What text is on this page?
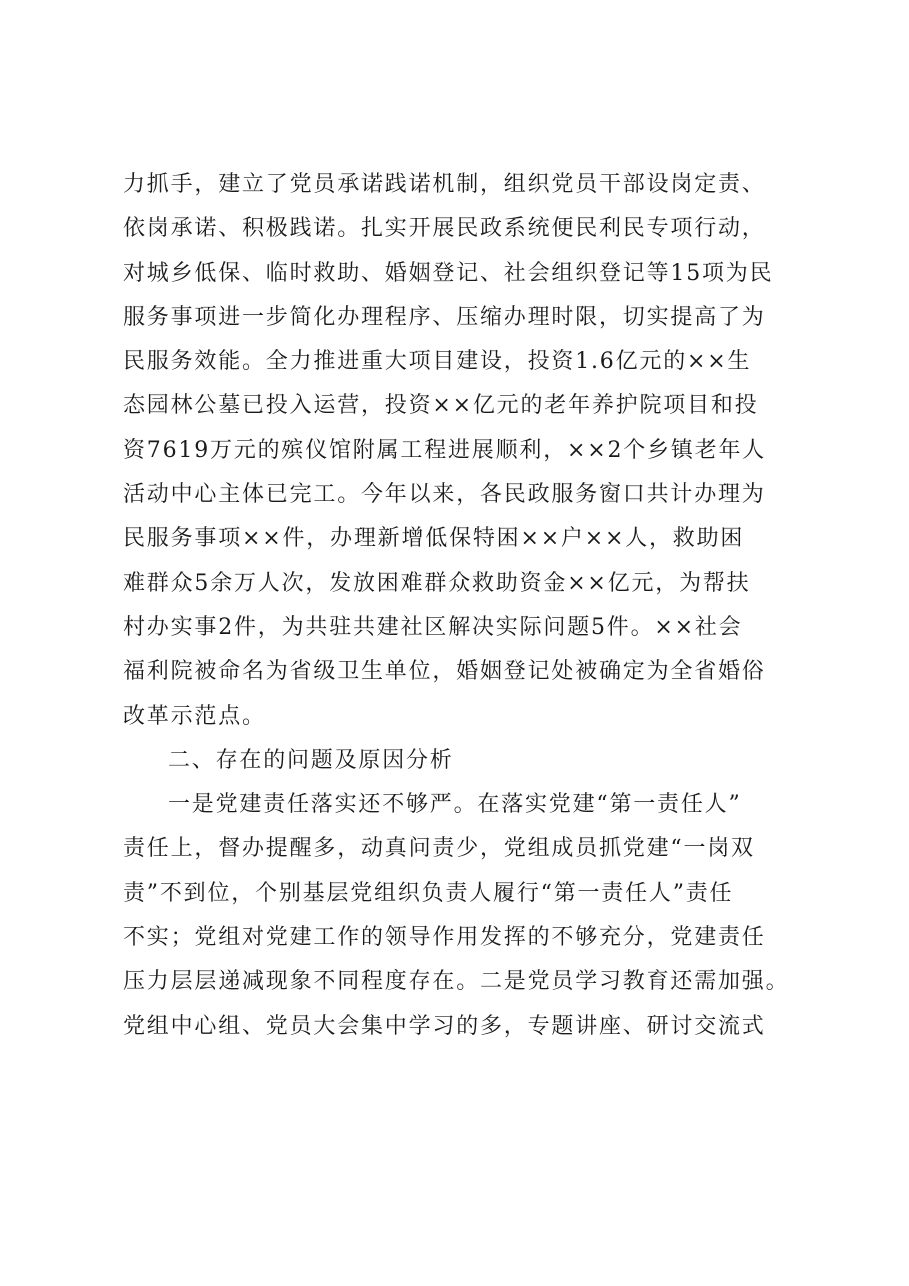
力抓手，建立了党员承诺践诺机制，组织党员干部设岗定责、
依岗承诺、积极践诺。扎实开展民政系统便民利民专项行动，
对城乡低保、临时救助、婚姻登记、社会组织登记等15项为民
服务事项进一步简化办理程序、压缩办理时限，切实提高了为
民服务效能。全力推进重大项目建设，投资1.6亿元的××生
态园林公墓已投入运营，投资××亿元的老年养护院项目和投
资7619万元的殡仪馆附属工程进展顺利，××2个乡镇老年人
活动中心主体已完工。今年以来，各民政服务窗口共计办理为
民服务事项××件，办理新增低保特困××户××人，救助困
难群众5余万人次，发放困难群众救助资金××亿元，为帮扶
村办实事2件，为共驻共建社区解决实际问题5件。××社会
福利院被命名为省级卫生单位，婚姻登记处被确定为全省婚俗
改革示范点。
二、存在的问题及原因分析
一是党建责任落实还不够严。在落实党建“第一责任人”
责任上，督办提醒多，动真问责少，党组成员抓党建“一岗双
责”不到位，个别基层党组织负责人履行“第一责任人”责任
不实；党组对党建工作的领导作用发挥的不够充分，党建责任
压力层层递减现象不同程度存在。二是党员学习教育还需加强。
党组中心组、党员大会集中学习的多，专题讲座、研讨交流式
